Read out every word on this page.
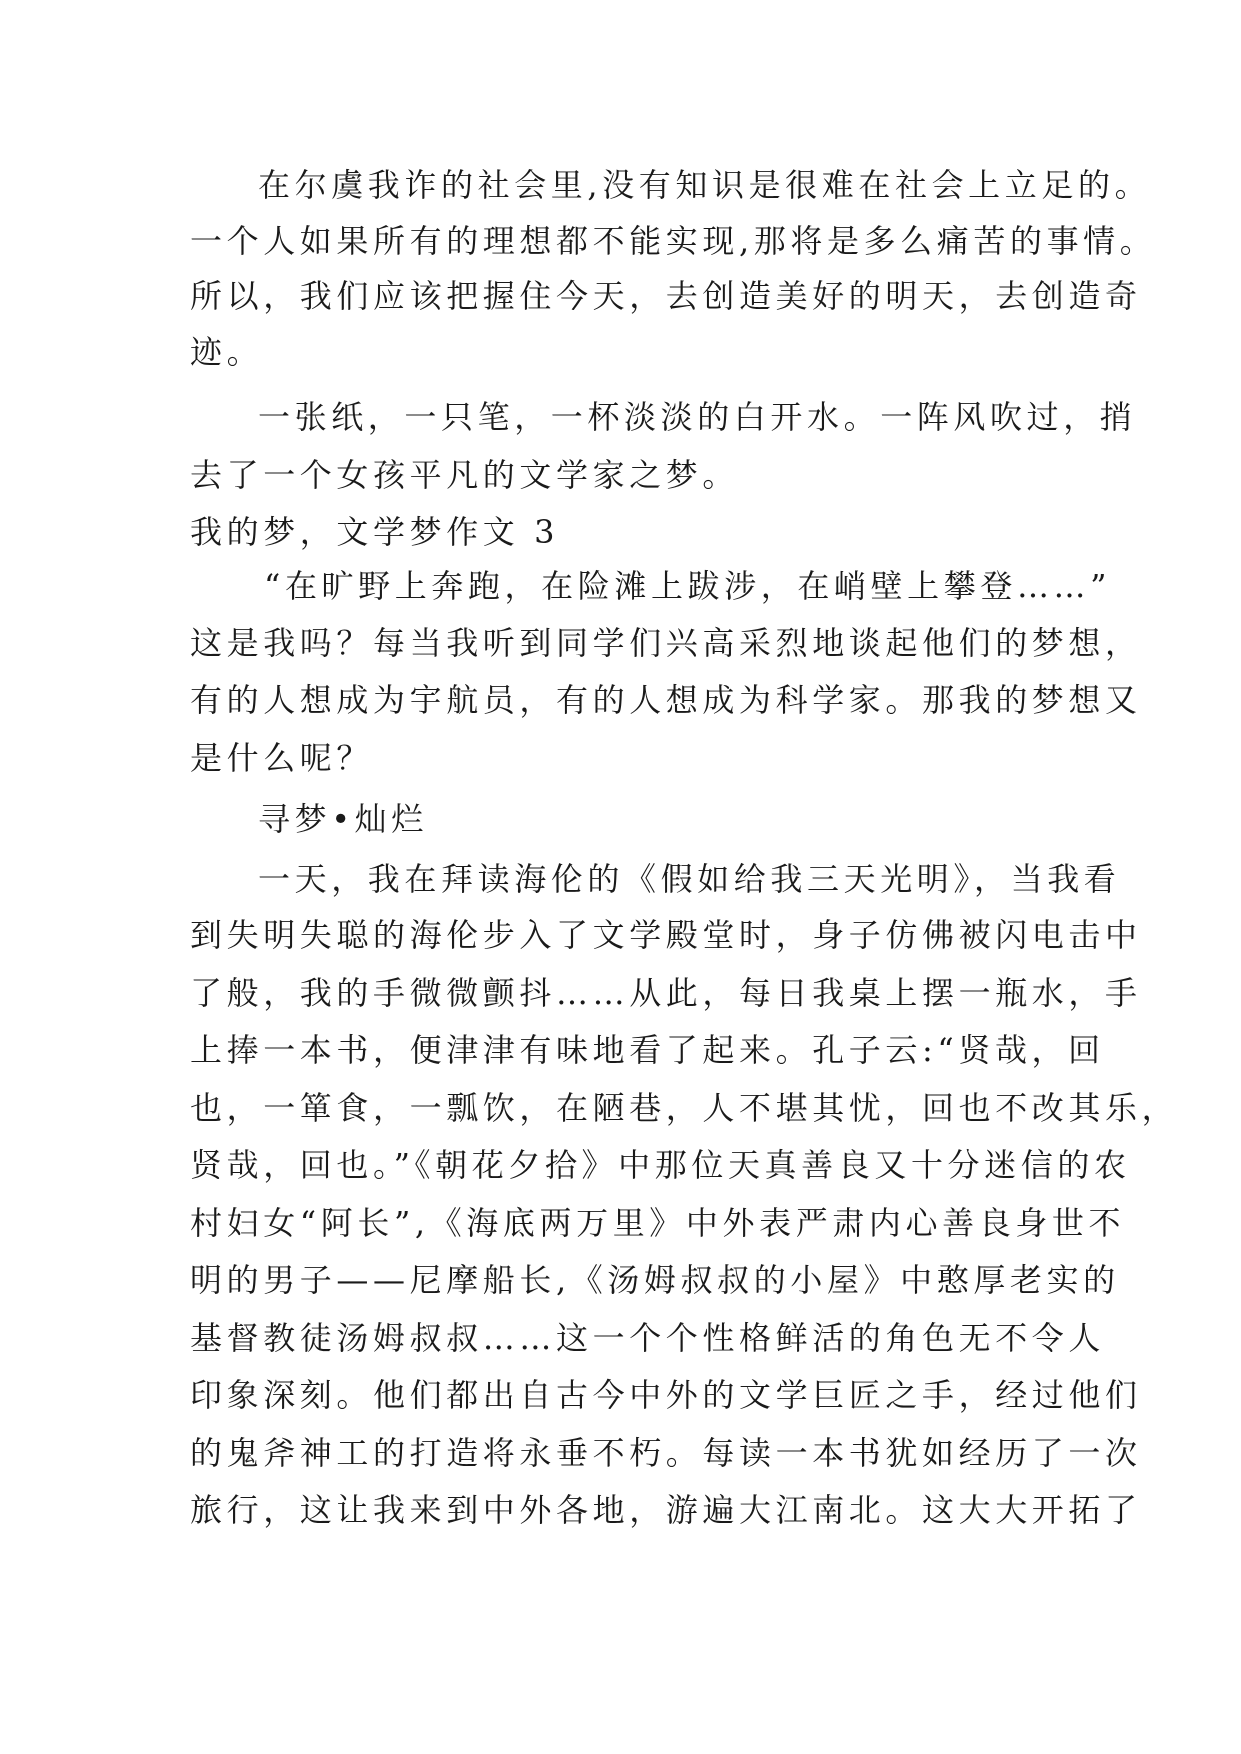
在尔虞我诈的社会里,没有知识是很难在社会上立足的。
一个人如果所有的理想都不能实现,那将是多么痛苦的事情。
所以，我们应该把握住今天，去创造美好的明天，去创造奇
迹。
一张纸，一只笔，一杯淡淡的白开水。一阵风吹过，捎
去了一个女孩平凡的文学家之梦。
我的梦，文学梦作文 3
“在旷野上奔跑，在险滩上跋涉，在峭壁上攀登……”
这是我吗？每当我听到同学们兴高采烈地谈起他们的梦想，
有的人想成为宇航员，有的人想成为科学家。那我的梦想又
是什么呢？
寻梦•灿烂
一天，我在拜读海伦的《假如给我三天光明》，当我看
到失明失聪的海伦步入了文学殿堂时，身子仿佛被闪电击中
了般，我的手微微颤抖……从此，每日我桌上摆一瓶水，手
上捧一本书，便津津有味地看了起来。孔子云:“贤哉，回
也，一箪食，一瓢饮，在陋巷，人不堪其忧，回也不改其乐，
贤哉，回也。”《朝花夕拾》中那位天真善良又十分迷信的农
村妇女“阿长”,《海底两万里》中外表严肃内心善良身世不
明的男子——尼摩船长,《汤姆叔叔的小屋》中憨厚老实的
基督教徒汤姆叔叔……这一个个性格鲜活的角色无不令人
印象深刻。他们都出自古今中外的文学巨匠之手，经过他们
的鬼斧神工的打造将永垂不朽。每读一本书犹如经历了一次
旅行，这让我来到中外各地，游遍大江南北。这大大开拓了
